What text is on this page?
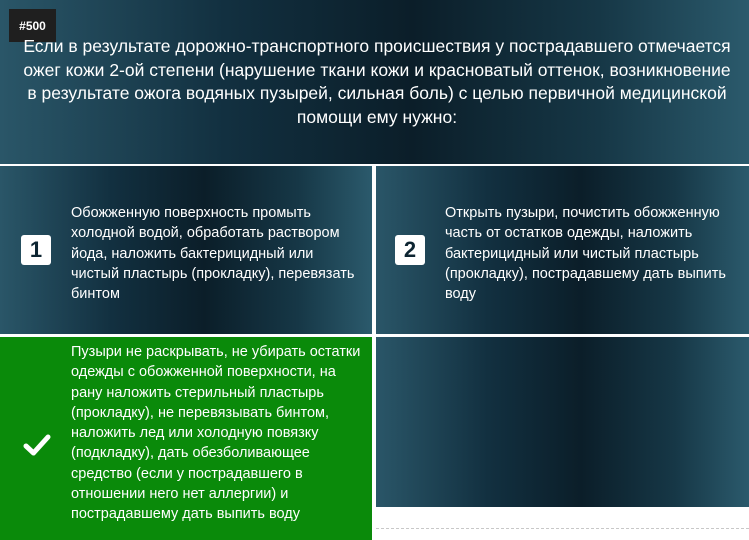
#500
Если в результате дорожно-транспортного происшествия у пострадавшего отмечается ожег кожи 2-ой степени (нарушение ткани кожи и красноватый оттенок, возникновение в результате ожога водяных пузырей, сильная боль) с целью первичной медицинской помощи ему нужно:
1
Обожженную поверхность промыть холодной водой, обработать раствором йода, наложить бактерицидный или чистый пластырь (прокладку), перевязать бинтом
2
Открыть пузыри, почистить обожженную часть от остатков одежды, наложить бактерицидный или чистый пластырь (прокладку), пострадавшему дать выпить воду
Пузыри не раскрывать, не убирать остатки одежды с обожженной поверхности, на рану наложить стерильный пластырь (прокладку), не перевязывать бинтом, наложить лед или холодную повязку (подкладку), дать обезболивающее средство (если у пострадавшего в отношении него нет аллергии) и пострадавшему дать выпить воду
